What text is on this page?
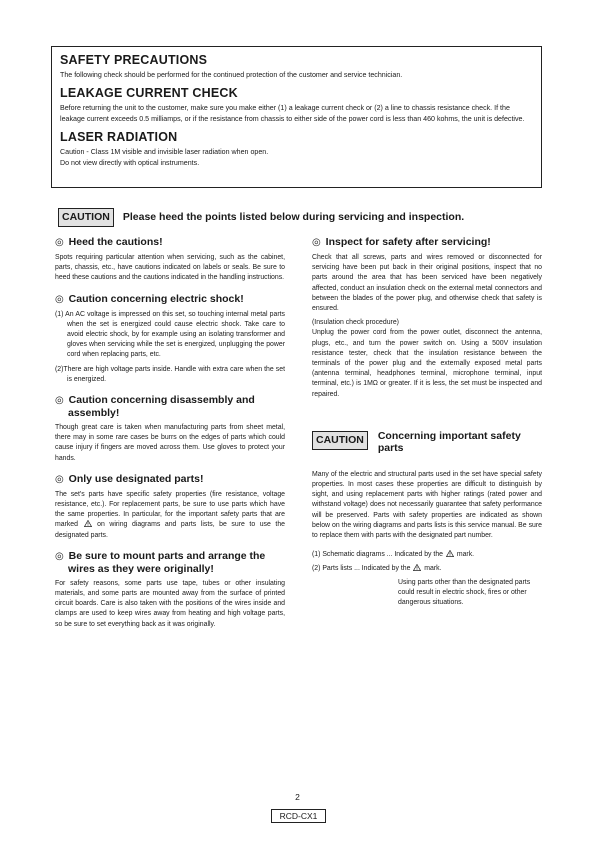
SAFETY PRECAUTIONS

The following check should be performed for the continued protection of the customer and service technician.

LEAKAGE CURRENT CHECK

Before returning the unit to the customer, make sure you make either (1) a leakage current check or (2) a line to chassis resistance check. If the leakage current exceeds 0.5 milliamps, or if the resistance from chassis to either side of the power cord is less than 460 kohms, the unit is defective.

LASER RADIATION

Caution - Class 1M visible and invisible laser radiation when open.

Do not view directly with optical instruments.

CAUTION	Please heed the points listed below during servicing and inspection.

◎ Heed the cautions!

Spots requiring particular attention when servicing, such as the cabinet, parts, chassis, etc., have cautions indicated on labels or seals. Be sure to heed these cautions and the cautions indicated in the handling instructions.

◎ Caution concerning electric shock!

(1) An AC voltage is impressed on this set, so touching internal metal parts when the set is energized could cause electric shock. Take care to avoid electric shock, by for example using an isolating transformer and gloves when servicing while the set is energized, unplugging the power cord when replacing parts, etc.

(2)There are high voltage parts inside. Handle with extra care when the set is energized.

◎ Caution concerning disassembly and assembly!

Though great care is taken when manufacturing parts from sheet metal, there may in some rare cases be burrs on the edges of parts which could cause injury if fingers are moved across them. Use gloves to protect your hands.

◎ Only use designated parts!

The set's parts have specific safety properties (fire resistance, voltage resistance, etc.). For replacement parts, be sure to use parts which have the same properties. In particular, for the important safety parts that are marked	on wiring diagrams and parts lists, be sure to use the designated parts.

◎ Be sure to mount parts and arrange the wires as they were originally!

For safety reasons, some parts use tape, tubes or other insulating materials, and some parts are mounted away from the surface of printed circuit boards. Care is also taken with the positions of the wires inside and clamps are used to keep wires away from heating and high voltage parts, so be sure to set everything back as it was originally.

◎ Inspect for safety after servicing!

Check that all screws, parts and wires removed or disconnected for servicing have been put back in their original positions, inspect that no parts around the area that has been serviced have been negatively affected, conduct an insulation check on the external metal connectors and between the blades of the power plug, and otherwise check that safety is ensured.

(Insulation check procedure)

Unplug the power cord from the power outlet, disconnect the antenna, plugs, etc., and turn the power switch on. Using a 500V insulation resistance tester, check that the insulation resistance between the terminals of the power plug and the externally exposed metal parts (antenna terminal, headphones terminal, microphone terminal, input terminal, etc.) is 1MΩ or greater. If it is less, the set must be inspected and repaired.

CAUTION	Concerning important safety parts

Many of the electric and structural parts used in the set have special safety properties. In most cases these properties are difficult to distinguish by sight, and using replacement parts with higher ratings (rated power and withstand voltage) does not necessarily guarantee that safety performance will be preserved. Parts with safety properties are indicated as shown below on the wiring diagrams and parts lists is this service manual. Be sure to replace them with parts with the designated part number.

(1) Schematic diagrams ... Indicated by the mark.

(2) Parts lists ... Indicated by the mark.

Using parts other than the designated parts could result in electric shock, fires or other dangerous situations.

2
RCD-CX1
